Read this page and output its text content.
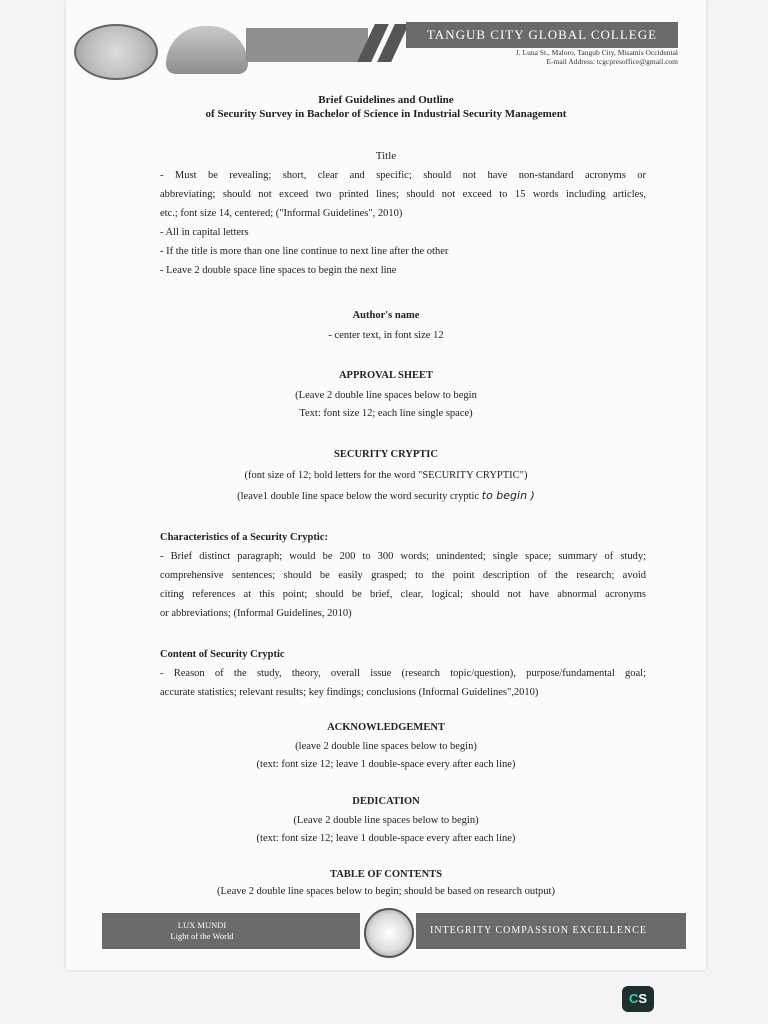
TANGUB CITY GLOBAL COLLEGE
J. Luna St., Maloro, Tangub City, Misamis Occidental
E-mail Address: tcgcpresoffice@gmail.com
Brief Guidelines and Outline
of Security Survey in Bachelor of Science in Industrial Security Management
Title

- Must be revealing; short, clear and specific; should not have non-standard acronyms or

abbreviating; should not exceed two printed lines; should not exceed to 15 words including articles,

etc.; font size 14, centered; ("Informal Guidelines", 2010)

- All in capital letters

- If the title is more than one line continue to next line after the other

- Leave 2 double space line spaces to begin the next line

Author's name
- center text, in font size 12
APPROVAL SHEET
(Leave 2 double line spaces below to begin
Text: font size 12; each line single space)
SECURITY CRYPTIC
(font size of 12; bold letters for the word "SECURITY CRYPTIC")
(leave1 double line space below the word security cryptic to begin )

Characteristics of a Security Cryptic:

- Brief distinct paragraph; would be 200 to 300 words; unindented; single space; summary of study;

comprehensive sentences; should be easily grasped; to the point description of the research; avoid

citing references at this point; should be brief, clear, logical; should not have abnormal acronyms

or abbreviations; (Informal Guidelines, 2010)

Content of Security Cryptic

- Reason of the study, theory, overall issue (research topic/question), purpose/fundamental goal;

accurate statistics; relevant results; key findings; conclusions (Informal Guidelines",2010)

ACKNOWLEDGEMENT
(leave 2 double line spaces below to begin)
(text: font size 12; leave 1 double-space every after each line)
DEDICATION
(Leave 2 double line spaces below to begin)
(text: font size 12; leave 1 double-space every after each line)
TABLE OF CONTENTS
(Leave 2 double line spaces below to begin; should be based on research output)
LUX MUNDI
Light of the World	INTEGRITY COMPASSION EXCELLENCE
CS
